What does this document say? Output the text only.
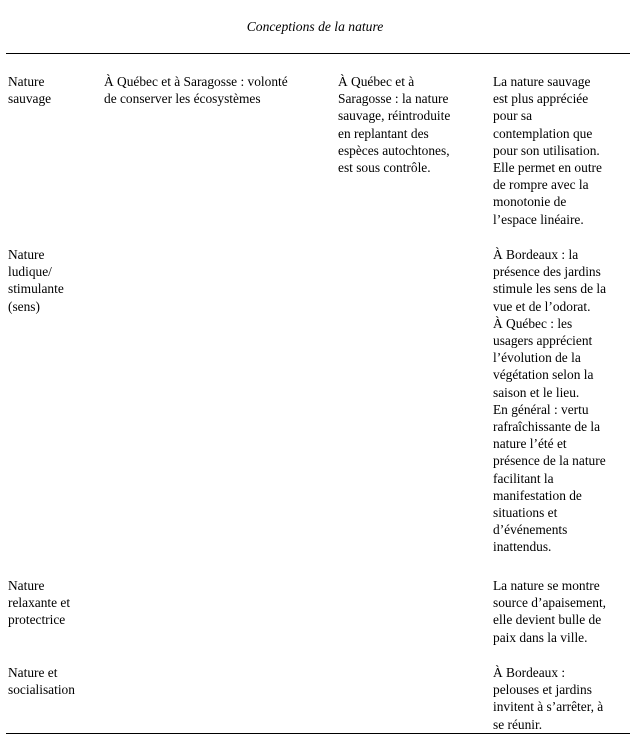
Conceptions de la nature
Nature
sauvage
À Québec et à Saragosse : volonté
de conserver les écosystèmes
À Québec et à
Saragosse : la nature
sauvage, réintroduite
en replantant des
espèces autochtones,
est sous contrôle.
La nature sauvage
est plus appréciée
pour sa
contemplation que
pour son utilisation.
Elle permet en outre
de rompre avec la
monotonie de
l’espace linéaire.
Nature
ludique/
stimulante
(sens)
À Bordeaux : la
présence des jardins
stimule les sens de la
vue et de l’odorat.
À Québec : les
usagers apprécient
l’évolution de la
végétation selon la
saison et le lieu.
En général : vertu
rafraîchissante de la
nature l’été et
présence de la nature
facilitant la
manifestation de
situations et
d’événements
inattendus.
Nature
relaxante et
protectrice
La nature se montre
source d’apaisement,
elle devient bulle de
paix dans la ville.
Nature et
socialisation
À Bordeaux :
pelouses et jardins
invitent à s’arrêter, à
se réunir.
